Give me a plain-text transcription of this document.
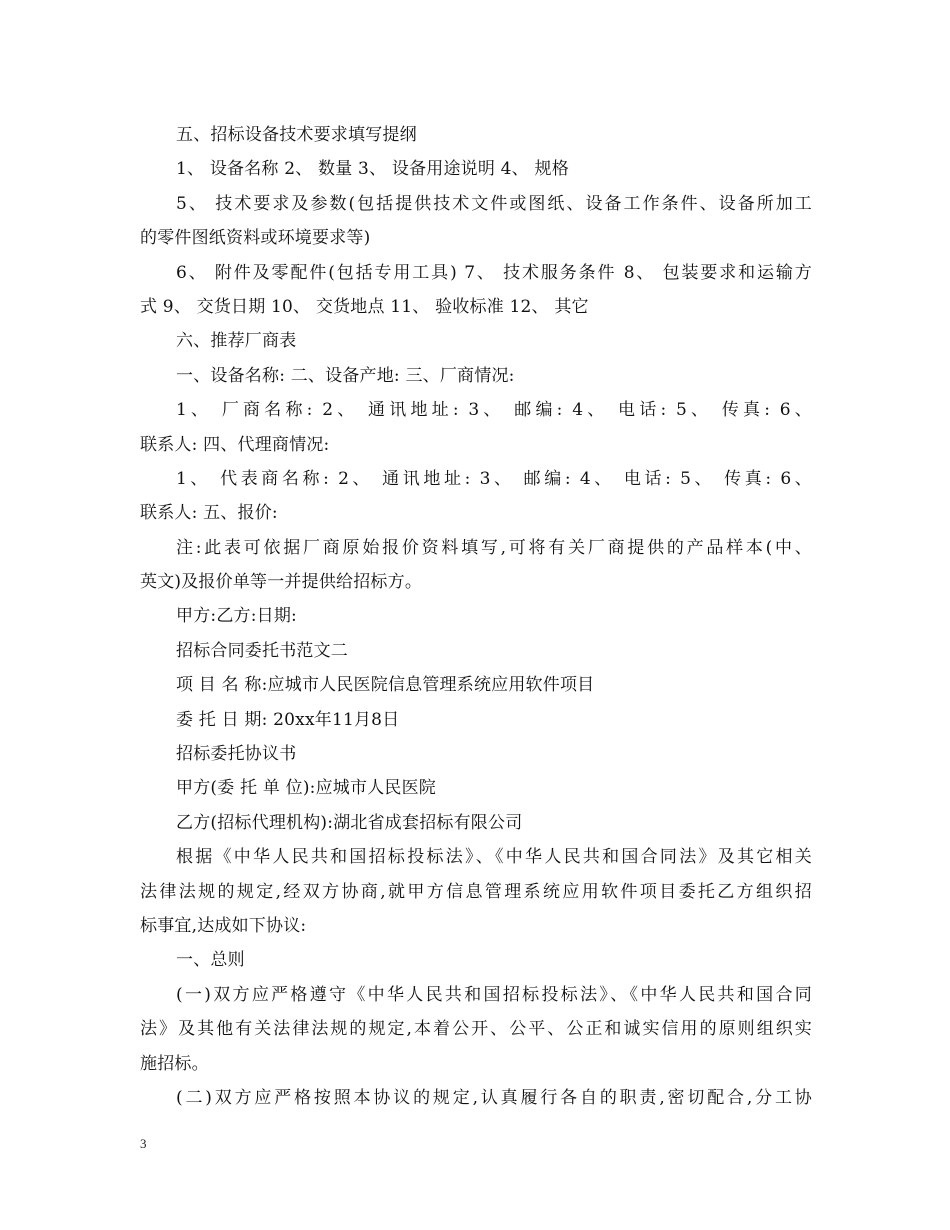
五、招标设备技术要求填写提纲
1、 设备名称 2、 数量 3、 设备用途说明 4、 规格
5、 技术要求及参数(包括提供技术文件或图纸、设备工作条件、设备所加工
的零件图纸资料或环境要求等)
6、 附件及零配件(包括专用工具) 7、 技术服务条件 8、 包装要求和运输方
式 9、 交货日期 10、 交货地点 11、 验收标准 12、 其它
六、推荐厂商表
一、设备名称: 二、设备产地: 三、厂商情况:
1、 厂商名称: 2、 通讯地址: 3、 邮编: 4、 电话: 5、 传真: 6、
联系人: 四、代理商情况:
1、 代表商名称: 2、 通讯地址: 3、 邮编: 4、 电话: 5、 传真: 6、
联系人: 五、报价:
注:此表可依据厂商原始报价资料填写,可将有关厂商提供的产品样本(中、
英文)及报价单等一并提供给招标方。
甲方:乙方:日期:
招标合同委托书范文二
项 目 名 称:应城市人民医院信息管理系统应用软件项目
委 托 日 期: 20xx年11月8日
招标委托协议书
甲方(委 托 单 位):应城市人民医院
乙方(招标代理机构):湖北省成套招标有限公司
根据《中华人民共和国招标投标法》、《中华人民共和国合同法》及其它相关
法律法规的规定,经双方协商,就甲方信息管理系统应用软件项目委托乙方组织招
标事宜,达成如下协议:
一、总则
(一)双方应严格遵守《中华人民共和国招标投标法》、《中华人民共和国合同
法》及其他有关法律法规的规定,本着公开、公平、公正和诚实信用的原则组织实
施招标。
(二)双方应严格按照本协议的规定,认真履行各自的职责,密切配合,分工协
3
